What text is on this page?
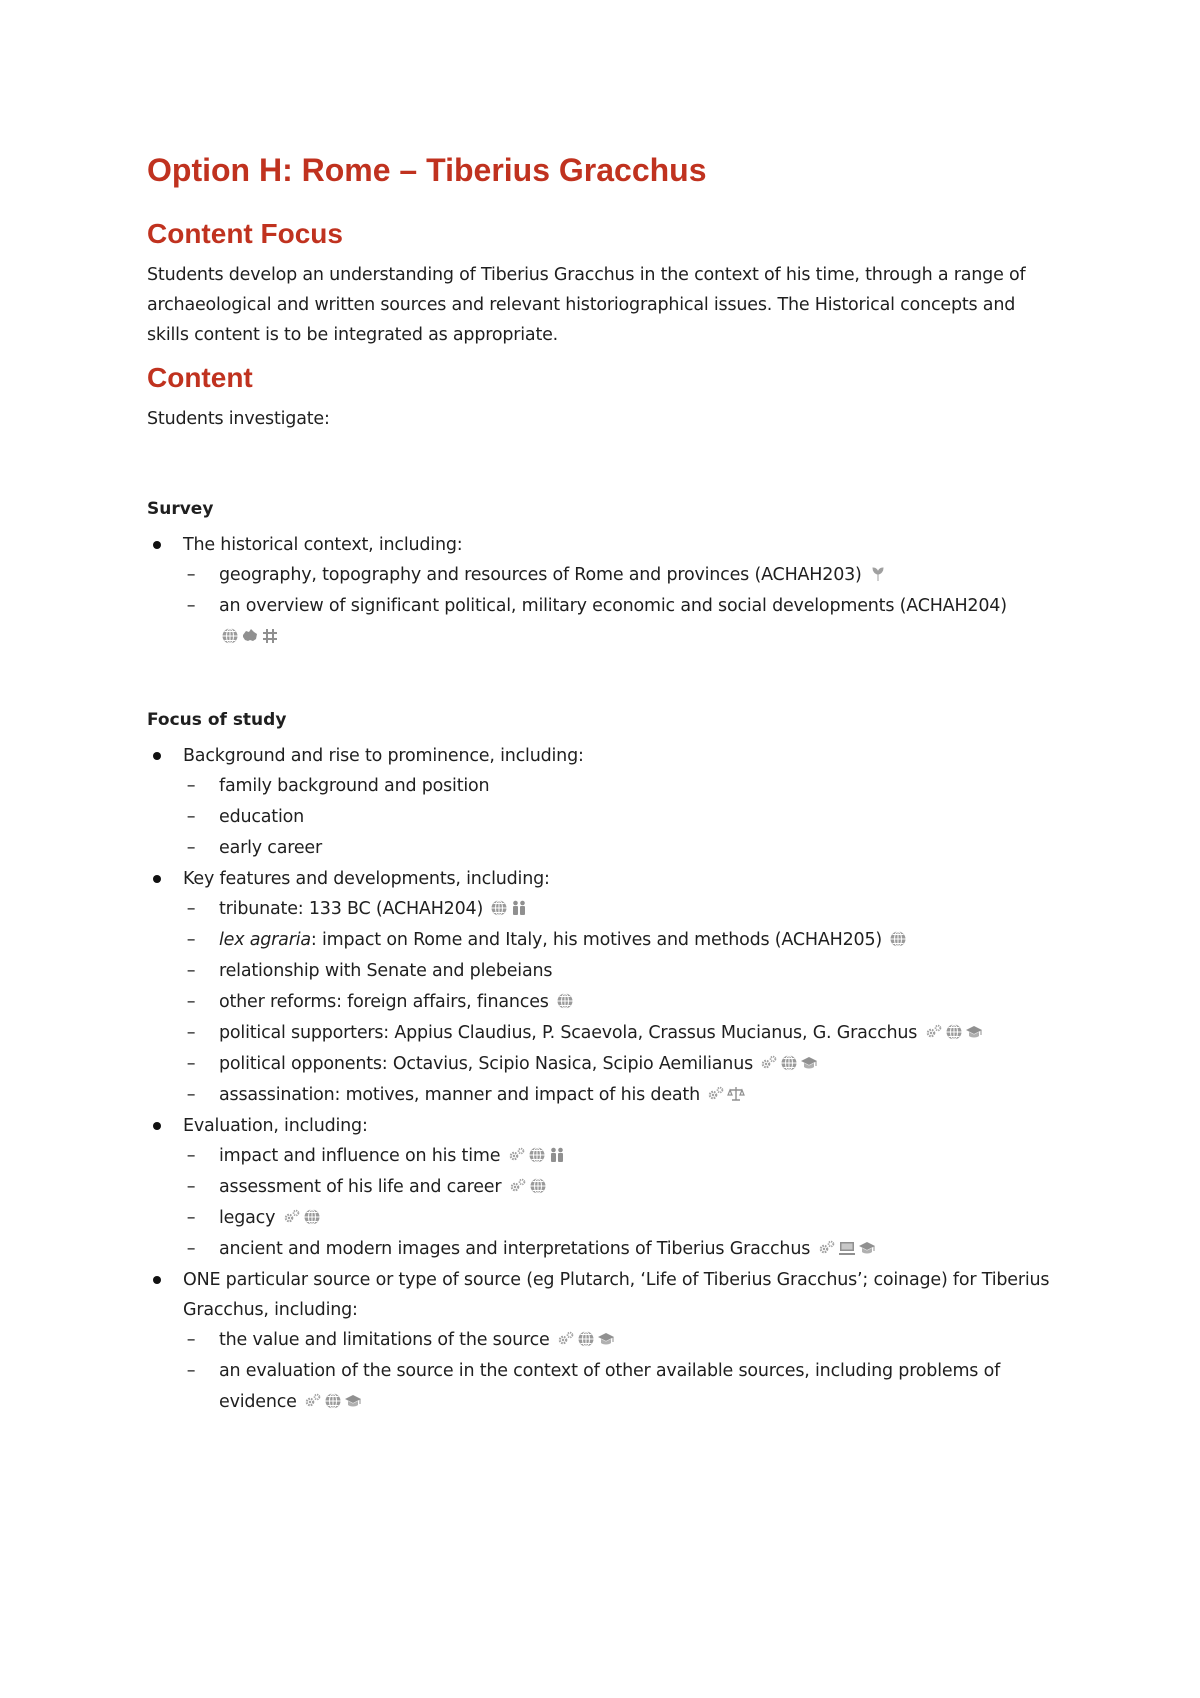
Option H: Rome – Tiberius Gracchus
Content Focus

Students develop an understanding of Tiberius Gracchus in the context of his time, through a range of archaeological and written sources and relevant historiographical issues. The Historical concepts and skills content is to be integrated as appropriate.

Content

Students investigate:

Survey

The historical context, including:
– geography, topography and resources of Rome and provinces (ACHAH203)
– an overview of significant political, military economic and social developments (ACHAH204)

Focus of study

Background and rise to prominence, including:
– family background and position
– education
– early career
Key features and developments, including:
– tribunate: 133 BC (ACHAH204)
– lex agraria: impact on Rome and Italy, his motives and methods (ACHAH205)
– relationship with Senate and plebeians
– other reforms: foreign affairs, finances
– political supporters: Appius Claudius, P. Scaevola, Crassus Mucianus, G. Gracchus
– political opponents: Octavius, Scipio Nasica, Scipio Aemilianus
– assassination: motives, manner and impact of his death
Evaluation, including:
– impact and influence on his time
– assessment of his life and career
– legacy
– ancient and modern images and interpretations of Tiberius Gracchus
ONE particular source or type of source (eg Plutarch, ‘Life of Tiberius Gracchus’; coinage) for Tiberius Gracchus, including:
– the value and limitations of the source
– an evaluation of the source in the context of other available sources, including problems of evidence
